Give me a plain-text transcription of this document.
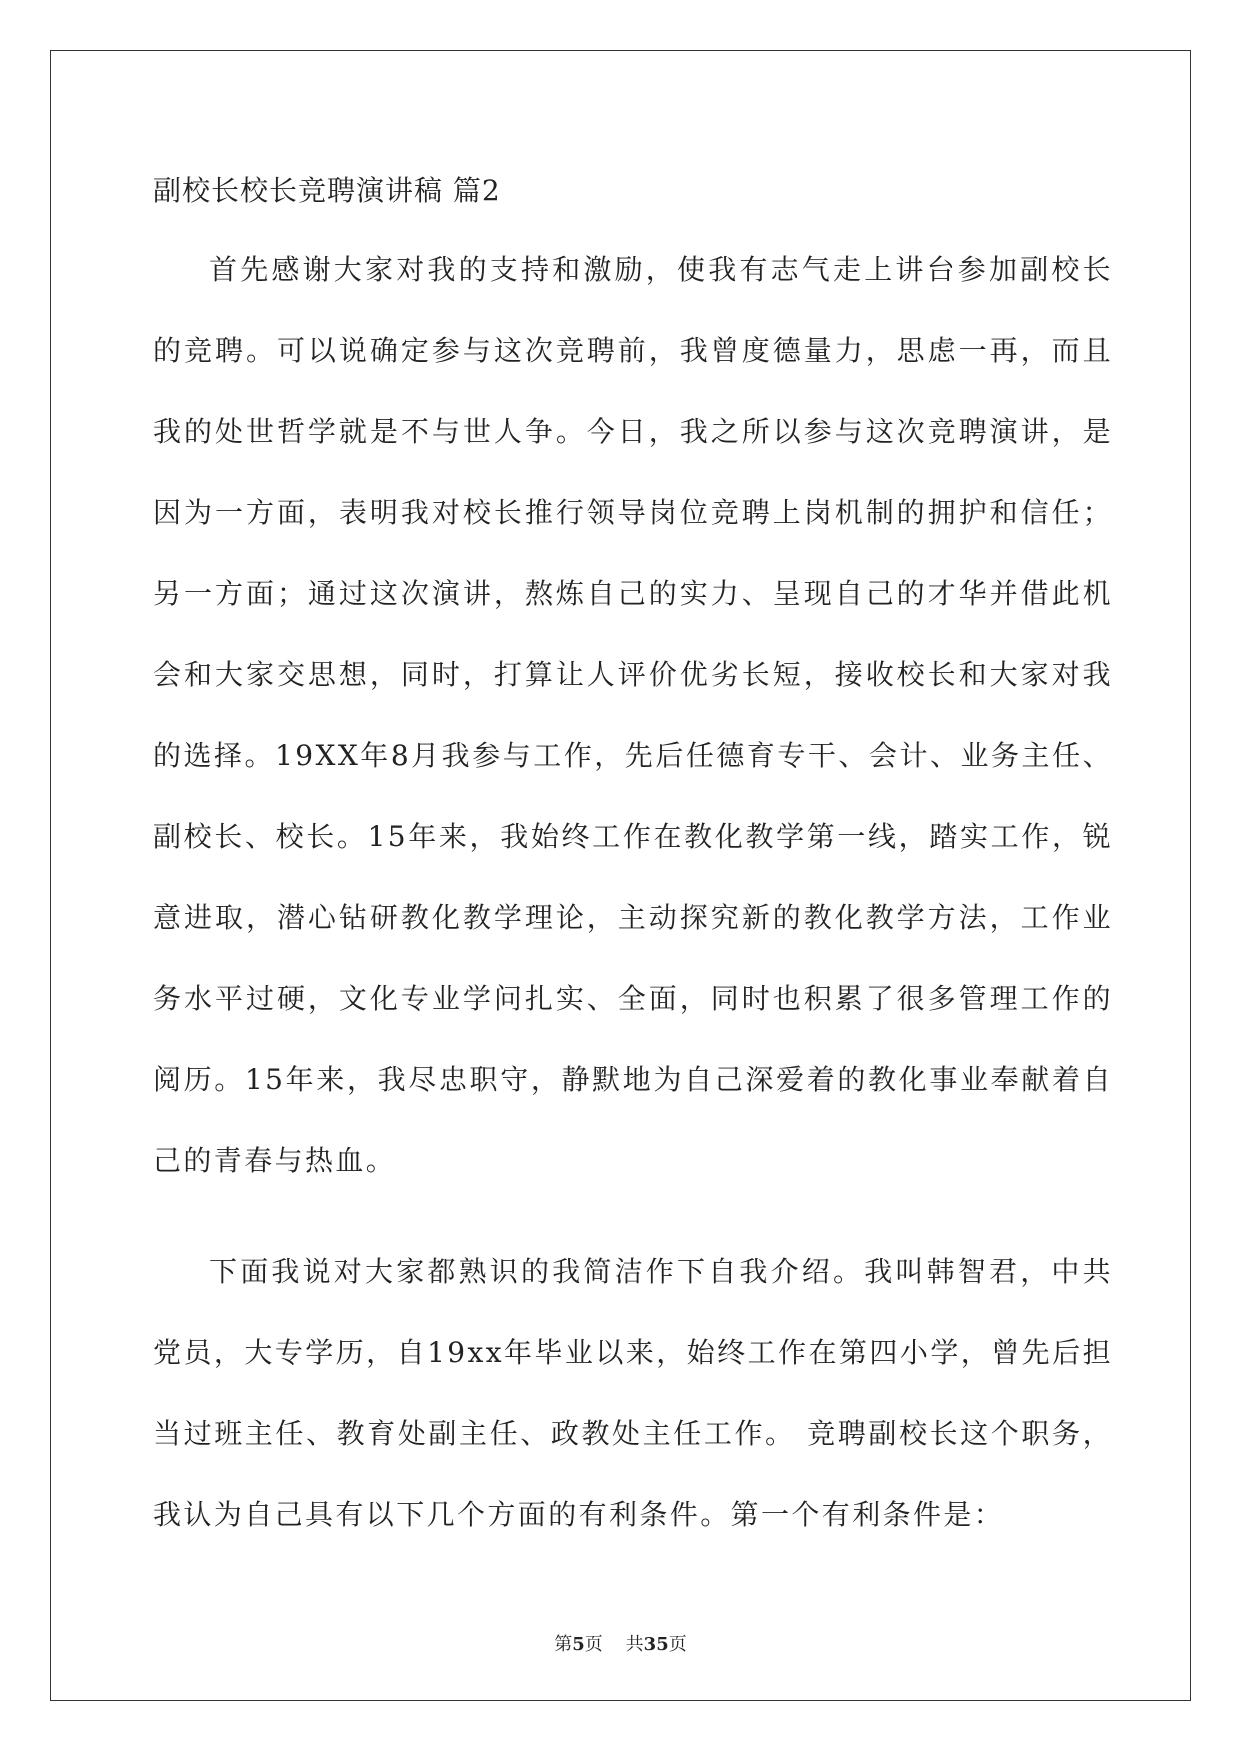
副校长校长竞聘演讲稿 篇2

首先感谢大家对我的支持和激励，使我有志气走上讲台参加副校长的竞聘。可以说确定参与这次竞聘前，我曾度德量力，思虑一再，而且我的处世哲学就是不与世人争。今日，我之所以参与这次竞聘演讲，是因为一方面，表明我对校长推行领导岗位竞聘上岗机制的拥护和信任；另一方面；通过这次演讲，熬炼自己的实力、呈现自己的才华并借此机会和大家交思想，同时，打算让人评价优劣长短，接收校长和大家对我的选择。19XX年8月我参与工作，先后任德育专干、会计、业务主任、副校长、校长。15年来，我始终工作在教化教学第一线，踏实工作，锐意进取，潜心钻研教化教学理论，主动探究新的教化教学方法，工作业务水平过硬，文化专业学问扎实、全面，同时也积累了很多管理工作的阅历。15年来，我尽忠职守，静默地为自己深爱着的教化事业奉献着自己的青春与热血。

下面我说对大家都熟识的我简洁作下自我介绍。我叫韩智君，中共党员，大专学历，自19xx年毕业以来，始终工作在第四小学，曾先后担当过班主任、教育处副主任、政教处主任工作。 竞聘副校长这个职务，我认为自己具有以下几个方面的有利条件。第一个有利条件是：

第5页 共35页
